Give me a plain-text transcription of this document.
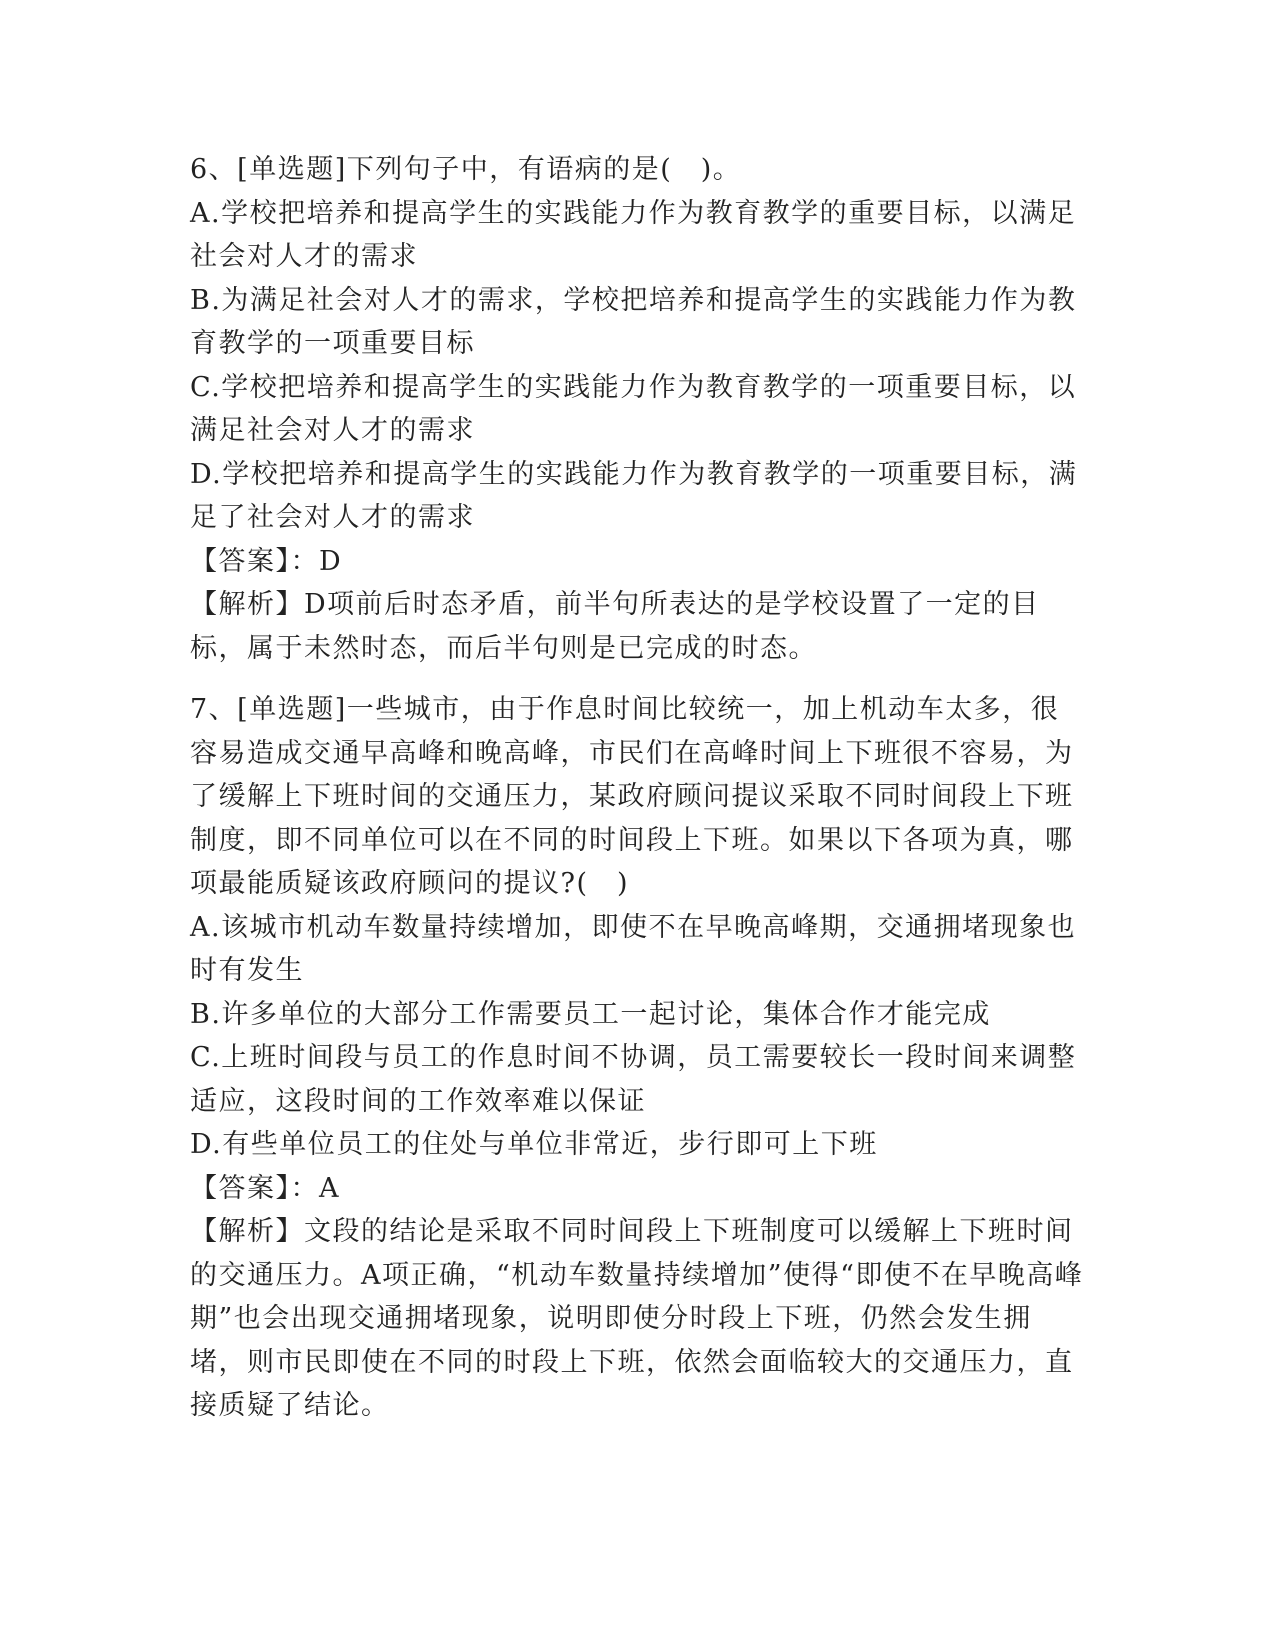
6、[单选题]下列句子中，有语病的是(　)。

A.学校把培养和提高学生的实践能力作为教育教学的重要目标，以满足社会对人才的需求

B.为满足社会对人才的需求，学校把培养和提高学生的实践能力作为教育教学的一项重要目标

C.学校把培养和提高学生的实践能力作为教育教学的一项重要目标，以满足社会对人才的需求

D.学校把培养和提高学生的实践能力作为教育教学的一项重要目标，满足了社会对人才的需求

【答案】：D

【解析】D项前后时态矛盾，前半句所表达的是学校设置了一定的目标，属于未然时态，而后半句则是已完成的时态。

7、[单选题]一些城市，由于作息时间比较统一，加上机动车太多，很容易造成交通早高峰和晚高峰，市民们在高峰时间上下班很不容易，为了缓解上下班时间的交通压力，某政府顾问提议采取不同时间段上下班制度，即不同单位可以在不同的时间段上下班。如果以下各项为真，哪项最能质疑该政府顾问的提议?(　)

A.该城市机动车数量持续增加，即使不在早晚高峰期，交通拥堵现象也时有发生

B.许多单位的大部分工作需要员工一起讨论，集体合作才能完成

C.上班时间段与员工的作息时间不协调，员工需要较长一段时间来调整适应，这段时间的工作效率难以保证

D.有些单位员工的住处与单位非常近，步行即可上下班

【答案】：A

【解析】文段的结论是采取不同时间段上下班制度可以缓解上下班时间的交通压力。A项正确，“机动车数量持续增加”使得“即使不在早晚高峰期”也会出现交通拥堵现象，说明即使分时段上下班，仍然会发生拥堵，则市民即使在不同的时段上下班，依然会面临较大的交通压力，直接质疑了结论。
